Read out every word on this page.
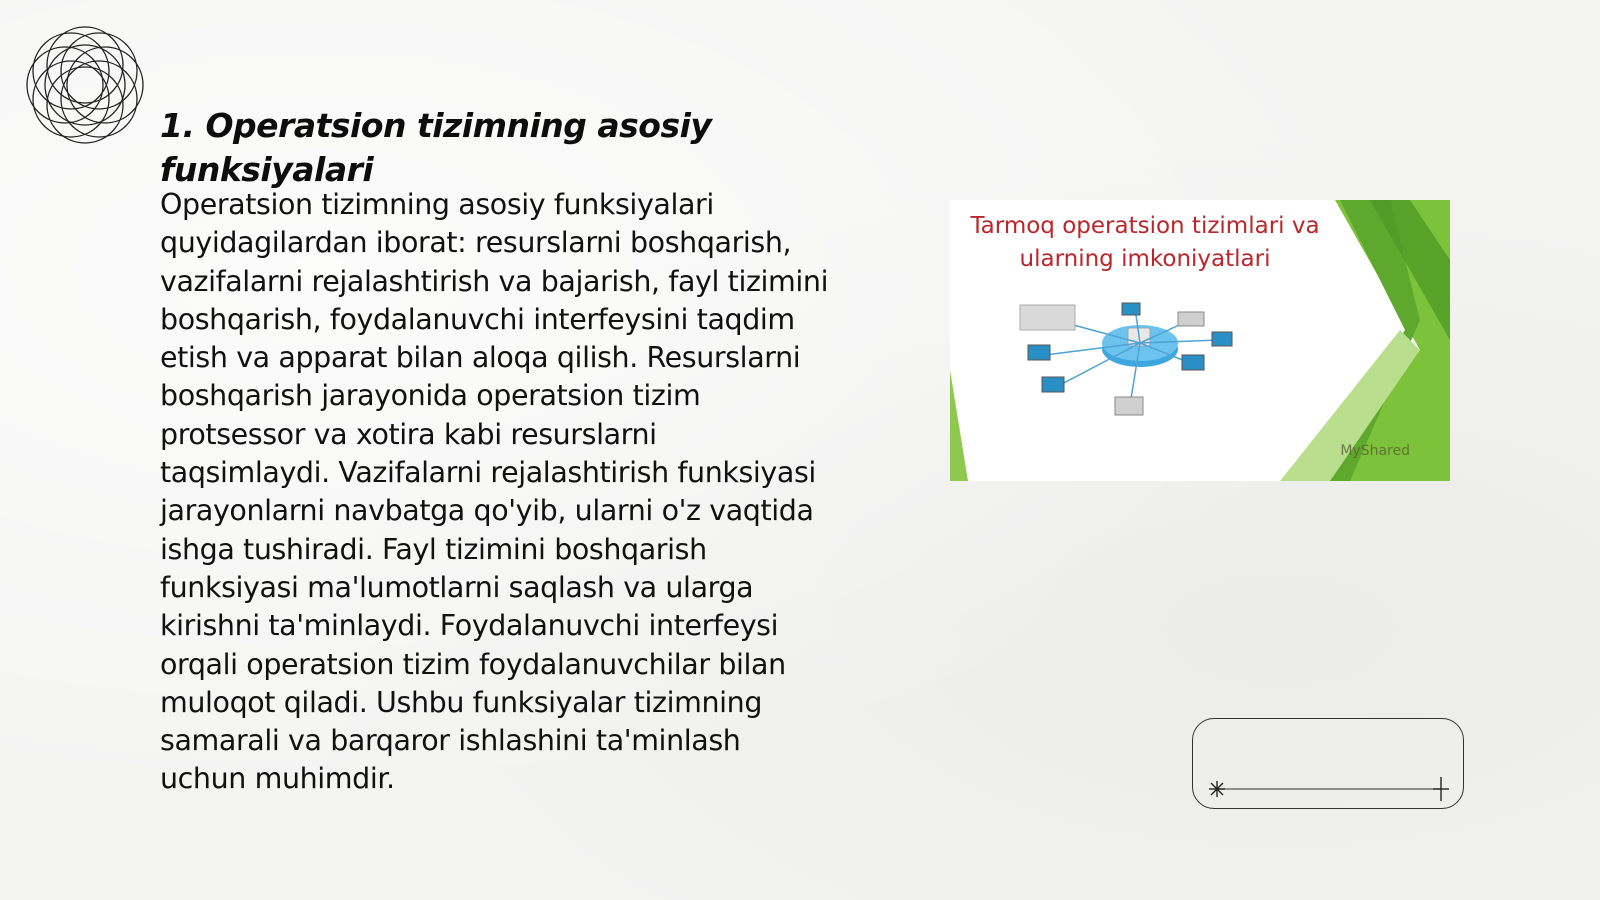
1. Operatsion tizimning asosiy funksiyalari

Operatsion tizimning asosiy funksiyalari quyidagilardan iborat: resurslarni boshqarish, vazifalarni rejalashtirish va bajarish, fayl tizimini boshqarish, foydalanuvchi interfeysini taqdim etish va apparat bilan aloqa qilish. Resurslarni boshqarish jarayonida operatsion tizim protsessor va xotira kabi resurslarni taqsimlaydi. Vazifalarni rejalashtirish funksiyasi jarayonlarni navbatga qo'yib, ularni o'z vaqtida ishga tushiradi. Fayl tizimini boshqarish funksiyasi ma'lumotlarni saqlash va ularga kirishni ta'minlaydi. Foydalanuvchi interfeysi orqali operatsion tizim foydalanuvchilar bilan muloqot qiladi. Ushbu funksiyalar tizimning samarali va barqaror ishlashini ta'minlash uchun muhimdir.

Tarmoq operatsion tizimlari va ularning imkoniyatlari
MyShared
